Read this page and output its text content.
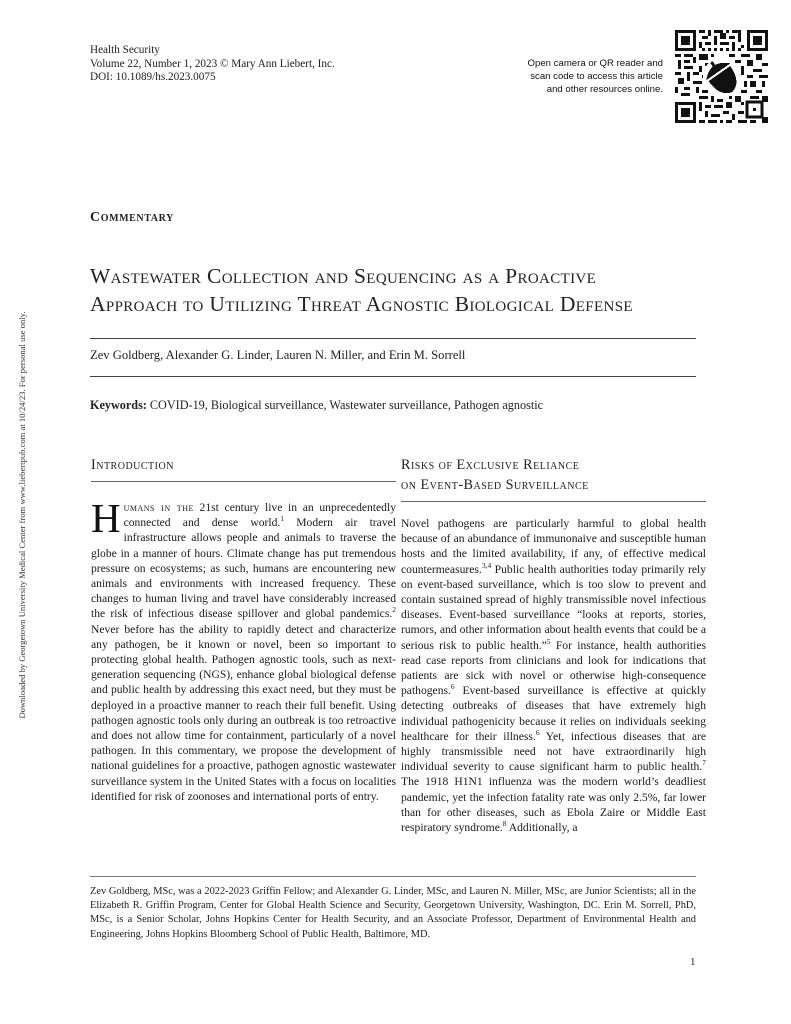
Downloaded by Georgetown University Medical Center from www.liebertpub.com at 10/24/23. For personal use only.
Health Security
Volume 22, Number 1, 2023 © Mary Ann Liebert, Inc.
DOI: 10.1089/hs.2023.0075
Open camera or QR reader and
scan code to access this article
and other resources online.
Commentary
Wastewater Collection and Sequencing as a Proactive
Approach to Utilizing Threat Agnostic Biological Defense
Zev Goldberg, Alexander G. Linder, Lauren N. Miller, and Erin M. Sorrell
Keywords: COVID-19, Biological surveillance, Wastewater surveillance, Pathogen agnostic
Introduction
Humans in the 21st century live in an unprecedentedly connected and dense world.$^1$ Modern air travel infrastructure allows people and animals to traverse the globe in a manner of hours. Climate change has put tremendous pressure on ecosystems; as such, humans are encountering new animals and environments with increased frequency. These changes to human living and travel have considerably increased the risk of infectious disease spillover and global pandemics.$^2$ Never before has the ability to rapidly detect and characterize any pathogen, be it known or novel, been so important to protecting global health. Pathogen agnostic tools, such as next-generation sequencing (NGS), enhance global biological defense and public health by addressing this exact need, but they must be deployed in a proactive manner to reach their full benefit. Using pathogen agnostic tools only during an outbreak is too retroactive and does not allow time for containment, particularly of a novel pathogen. In this commentary, we propose the development of national guidelines for a proactive, pathogen agnostic wastewater surveillance system in the United States with a focus on localities identified for risk of zoonoses and international ports of entry.
Risks of Exclusive Reliance
on Event-Based Surveillance
Novel pathogens are particularly harmful to global health because of an abundance of immunonaive and susceptible human hosts and the limited availability, if any, of effective medical countermeasures.$^{3,4}$ Public health authorities today primarily rely on event-based surveillance, which is too slow to prevent and contain sustained spread of highly transmissible novel infectious diseases. Event-based surveillance “looks at reports, stories, rumors, and other information about health events that could be a serious risk to public health.”$^5$ For instance, health authorities read case reports from clinicians and look for indications that patients are sick with novel or otherwise high-consequence pathogens.$^6$ Event-based surveillance is effective at quickly detecting outbreaks of diseases that have extremely high individual pathogenicity because it relies on individuals seeking healthcare for their illness.$^6$ Yet, infectious diseases that are highly transmissible need not have extraordinarily high individual severity to cause significant harm to public health.$^7$ The 1918 H1N1 influenza was the modern world’s deadliest pandemic, yet the infection fatality rate was only 2.5%, far lower than for other diseases, such as Ebola Zaire or Middle East respiratory syndrome.$^8$ Additionally, a
Zev Goldberg, MSc, was a 2022-2023 Griffin Fellow; and Alexander G. Linder, MSc, and Lauren N. Miller, MSc, are Junior Scientists; all in the Elizabeth R. Griffin Program, Center for Global Health Science and Security, Georgetown University, Washington, DC. Erin M. Sorrell, PhD, MSc, is a Senior Scholar, Johns Hopkins Center for Health Security, and an Associate Professor, Department of Environmental Health and Engineering, Johns Hopkins Bloomberg School of Public Health, Baltimore, MD.
1
